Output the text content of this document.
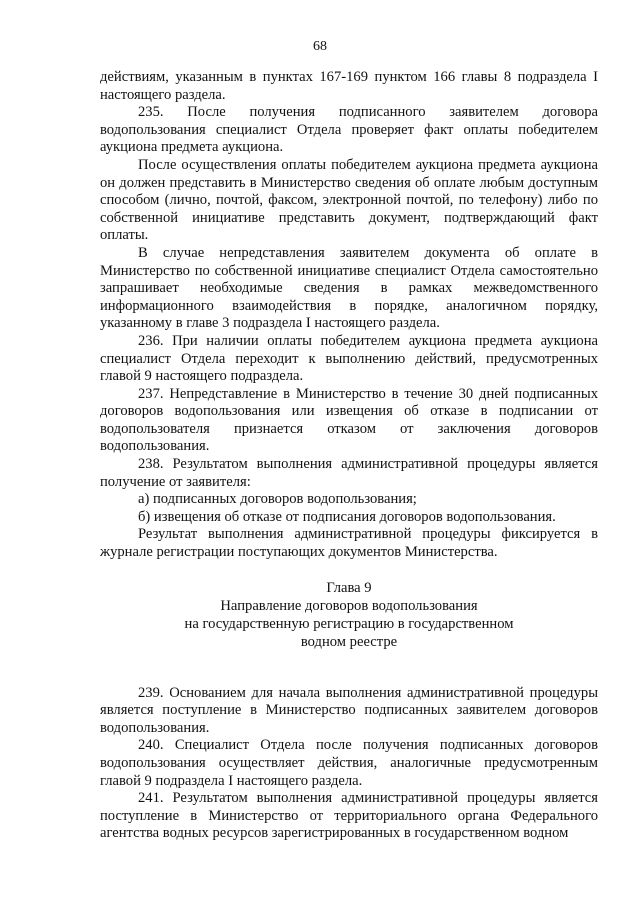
68

действиям, указанным в пунктах 167-169 пунктом 166 главы 8 подраздела I настоящего раздела.

235. После получения подписанного заявителем договора водопользования специалист Отдела проверяет факт оплаты победителем аукциона предмета аукциона.

После осуществления оплаты победителем аукциона предмета аукциона он должен представить в Министерство сведения об оплате любым доступным способом (лично, почтой, факсом, электронной почтой, по телефону) либо по собственной инициативе представить документ, подтверждающий факт оплаты.

В случае непредставления заявителем документа об оплате в Министерство по собственной инициативе специалист Отдела самостоятельно запрашивает необходимые сведения в рамках межведомственного информационного взаимодействия в порядке, аналогичном порядку, указанному в главе 3 подраздела I настоящего раздела.

236. При наличии оплаты победителем аукциона предмета аукциона специалист Отдела переходит к выполнению действий, предусмотренных главой 9 настоящего подраздела.

237. Непредставление в Министерство в течение 30 дней подписанных договоров водопользования или извещения об отказе в подписании от водопользователя признается отказом от заключения договоров водопользования.

238. Результатом выполнения административной процедуры является получение от заявителя:

а) подписанных договоров водопользования;

б) извещения об отказе от подписания договоров водопользования.

Результат выполнения административной процедуры фиксируется в журнале регистрации поступающих документов Министерства.

Глава 9

Направление договоров водопользования

на государственную регистрацию в государственном

водном реестре

239. Основанием для начала выполнения административной процедуры является поступление в Министерство подписанных заявителем договоров водопользования.

240. Специалист Отдела после получения подписанных договоров водопользования осуществляет действия, аналогичные предусмотренным главой 9 подраздела I настоящего раздела.

241. Результатом выполнения административной процедуры является поступление в Министерство от территориального органа Федерального агентства водных ресурсов зарегистрированных в государственном водном
